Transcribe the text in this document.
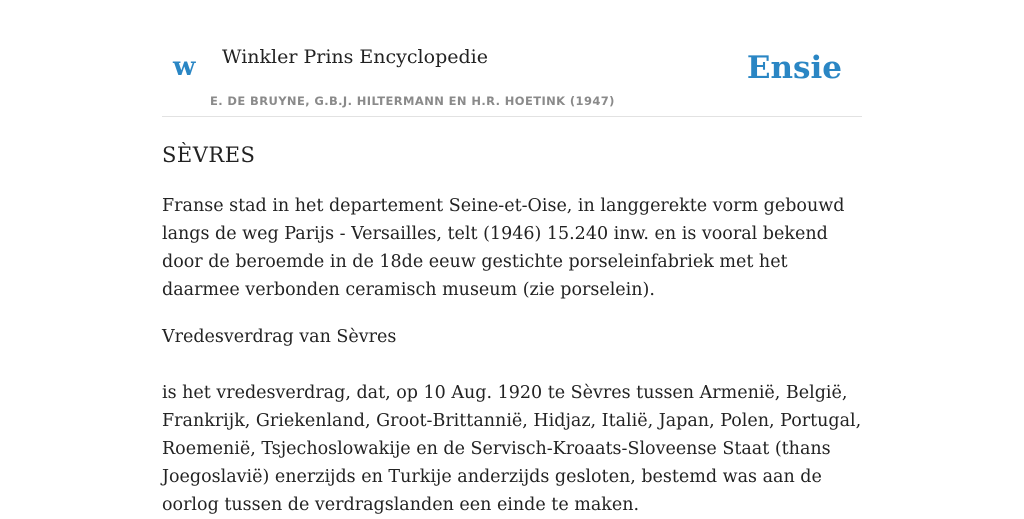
w Winkler Prins Encyclopedie
E. DE BRUYNE, G.B.J. HILTERMANN EN H.R. HOETINK (1947)
Ensie
SÈVRES

Franse stad in het departement Seine-et-Oise, in langgerekte vorm gebouwd langs de weg Parijs - Versailles, telt (1946) 15.240 inw. en is vooral bekend door de beroemde in de 18de eeuw gestichte porseleinfabriek met het daarmee verbonden ceramisch museum (zie porselein).

Vredesverdrag van Sèvres

is het vredesverdrag, dat, op 10 Aug. 1920 te Sèvres tussen Armenië, België, Frankrijk, Griekenland, Groot-Brittannië, Hidjaz, Italië, Japan, Polen, Portugal, Roemenië, Tsjechoslowakije en de Servisch-Kroaats-Sloveense Staat (thans Joegoslavië) enerzijds en Turkije anderzijds gesloten, bestemd was aan de oorlog tussen de verdragslanden een einde te maken.
